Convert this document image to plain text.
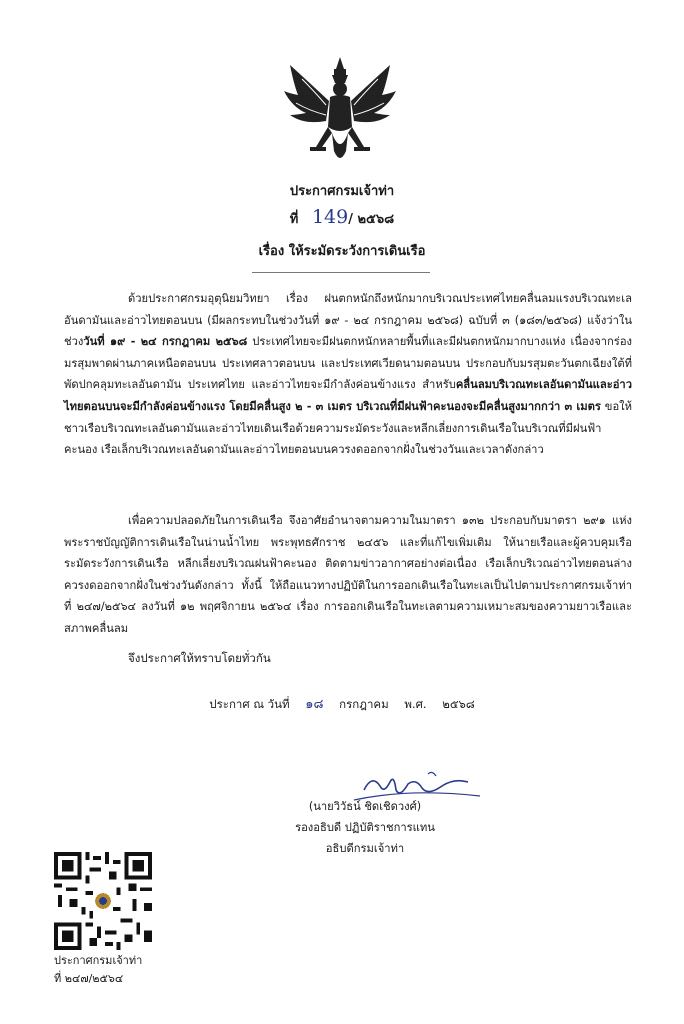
ประกาศกรมเจ้าท่า
ที่ 149/ ๒๕๖๘
เรื่อง ให้ระมัดระวังการเดินเรือ

ด้วยประกาศกรมอุตุนิยมวิทยา เรื่อง ฝนตกหนักถึงหนักมากบริเวณประเทศไทยคลื่นลมแรงบริเวณทะเลอันดามันและอ่าวไทยตอนบน (มีผลกระทบในช่วงวันที่ ๑๙ - ๒๔ กรกฎาคม ๒๕๖๘) ฉบับที่ ๓ (๑๘๓/๒๕๖๘) แจ้งว่าในช่วงวันที่ ๑๙ - ๒๔ กรกฎาคม ๒๕๖๘ ประเทศไทยจะมีฝนตกหนักหลายพื้นที่และมีฝนตกหนักมากบางแห่ง เนื่องจากร่องมรสุมพาดผ่านภาคเหนือตอนบน ประเทศลาวตอนบน และประเทศเวียดนามตอนบน ประกอบกับมรสุมตะวันตกเฉียงใต้ที่พัดปกคลุมทะเลอันดามัน ประเทศไทย และอ่าวไทยจะมีกำลังค่อนข้างแรง สำหรับคลื่นลมบริเวณทะเลอันดามันและอ่าวไทยตอนบนจะมีกำลังค่อนข้างแรง โดยมีคลื่นสูง ๒ - ๓ เมตร บริเวณที่มีฝนฟ้าคะนองจะมีคลื่นสูงมากกว่า ๓ เมตร ขอให้ชาวเรือบริเวณทะเลอันดามันและอ่าวไทยเดินเรือด้วยความระมัดระวังและหลีกเลี่ยงการเดินเรือในบริเวณที่มีฝนฟ้าคะนอง เรือเล็กบริเวณทะเลอันดามันและอ่าวไทยตอนบนควรงดออกจากฝั่งในช่วงวันและเวลาดังกล่าว

เพื่อความปลอดภัยในการเดินเรือ จึงอาศัยอำนาจตามความในมาตรา ๑๓๒ ประกอบกับมาตรา ๒๙๑ แห่งพระราชบัญญัติการเดินเรือในน่านน้ำไทย พระพุทธศักราช ๒๔๕๖ และที่แก้ไขเพิ่มเติม ให้นายเรือและผู้ควบคุมเรือระมัดระวังการเดินเรือ หลีกเลี่ยงบริเวณฝนฟ้าคะนอง ติดตามข่าวอากาศอย่างต่อเนื่อง เรือเล็กบริเวณอ่าวไทยตอนล่างควรงดออกจากฝั่งในช่วงวันดังกล่าว ทั้งนี้ ให้ถือแนวทางปฏิบัติในการออกเดินเรือในทะเลเป็นไปตามประกาศกรมเจ้าท่า ที่ ๒๔๗/๒๕๖๔ ลงวันที่ ๑๒ พฤศจิกายน ๒๕๖๔ เรื่อง การออกเดินเรือในทะเลตามความเหมาะสมของความยาวเรือและสภาพคลื่นลม

จึงประกาศให้ทราบโดยทั่วกัน
ประกาศ ณ วันที่ ๑๘ กรกฎาคม พ.ศ. ๒๕๖๘
(นายวิวัธน์ ชิดเชิดวงศ์)
รองอธิบดี ปฏิบัติราชการแทน
อธิบดีกรมเจ้าท่า
ประกาศกรมเจ้าท่า
ที่ ๒๔๗/๒๕๖๔
